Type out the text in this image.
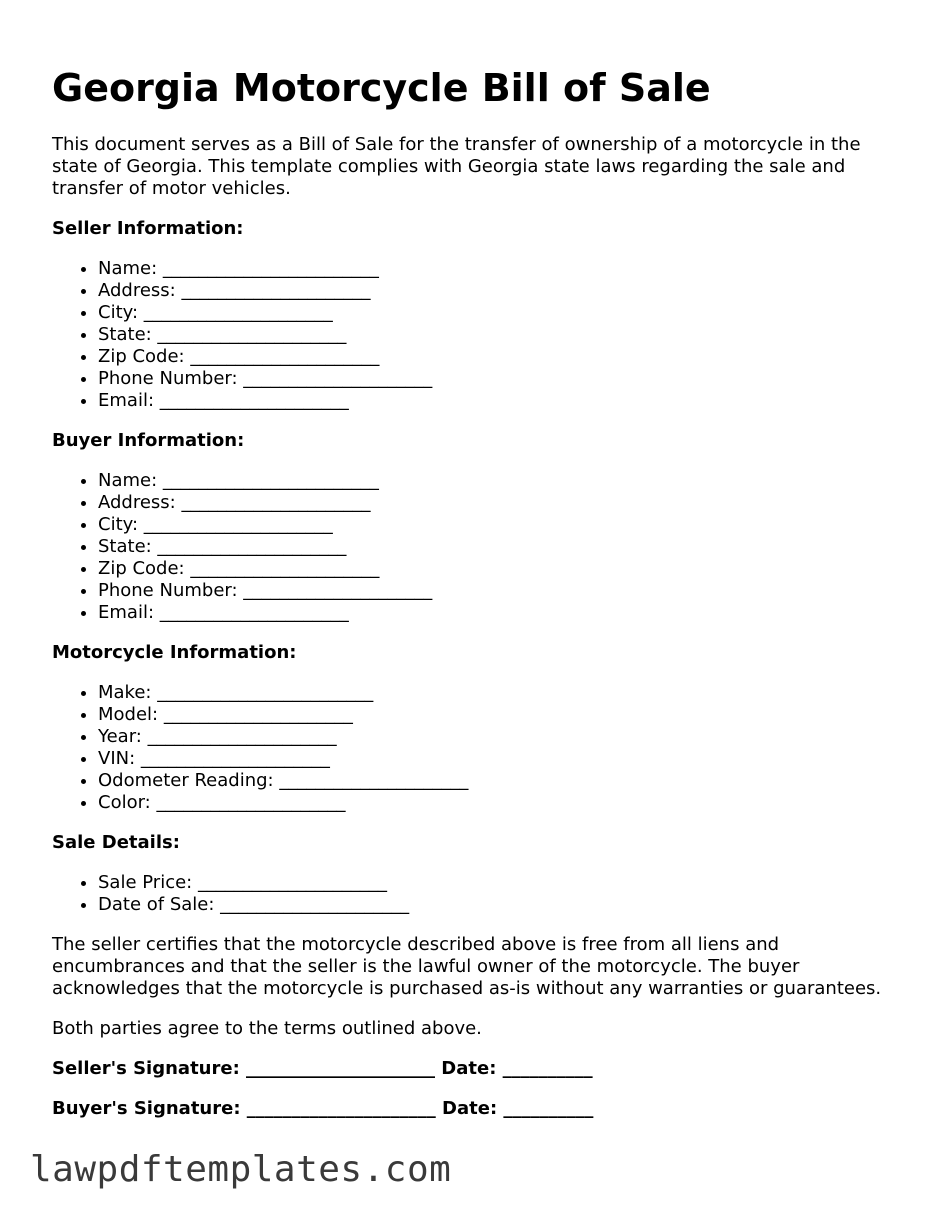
Georgia Motorcycle Bill of Sale

This document serves as a Bill of Sale for the transfer of ownership of a motorcycle in the state of Georgia. This template complies with Georgia state laws regarding the sale and transfer of motor vehicles.

Seller Information:
• Name: ________________________
• Address: _____________________
• City: _____________________
• State: _____________________
• Zip Code: _____________________
• Phone Number: _____________________
• Email: _____________________
Buyer Information:
• Name: ________________________
• Address: _____________________
• City: _____________________
• State: _____________________
• Zip Code: _____________________
• Phone Number: _____________________
• Email: _____________________
Motorcycle Information:
• Make: ________________________
• Model: _____________________
• Year: _____________________
• VIN: _____________________
• Odometer Reading: _____________________
• Color: _____________________
Sale Details:
• Sale Price: _____________________
• Date of Sale: _____________________

The seller certifies that the motorcycle described above is free from all liens and encumbrances and that the seller is the lawful owner of the motorcycle. The buyer acknowledges that the motorcycle is purchased as-is without any warranties or guarantees.

Both parties agree to the terms outlined above.

Seller's Signature: _____________________ Date: __________
Buyer's Signature: _____________________ Date: __________
lawpdftemplates.com
